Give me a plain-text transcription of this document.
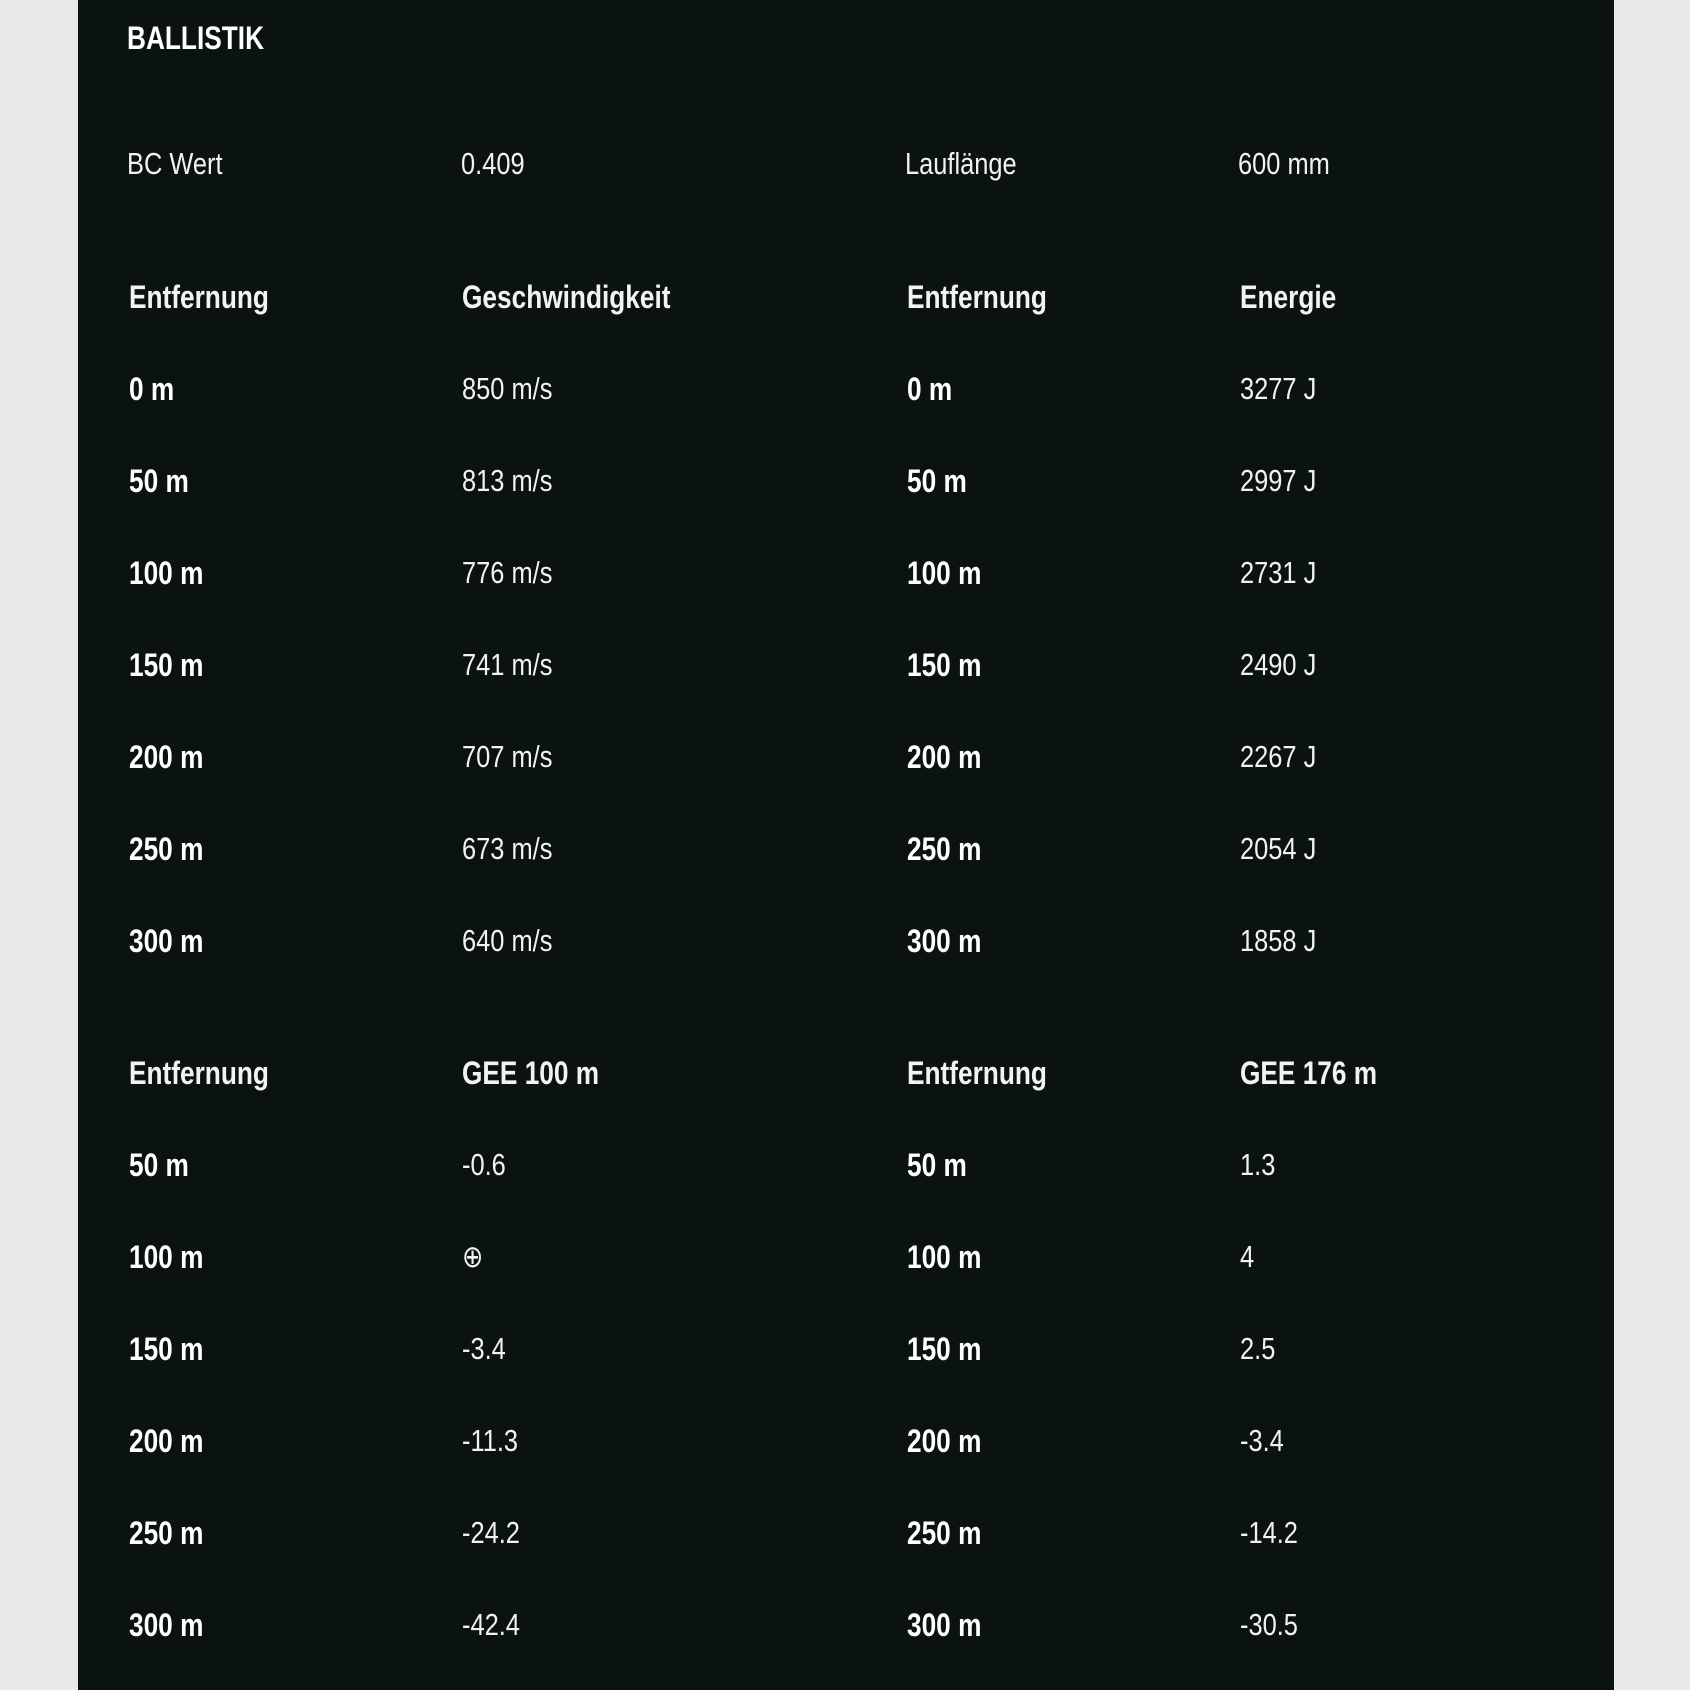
BALLISTIK
BC Wert	0.409	Lauflänge	600 mm
Entfernung	Geschwindigkeit	Entfernung	Energie
0 m	850 m/s	0 m	3277 J
50 m	813 m/s	50 m	2997 J
100 m	776 m/s	100 m	2731 J
150 m	741 m/s	150 m	2490 J
200 m	707 m/s	200 m	2267 J
250 m	673 m/s	250 m	2054 J
300 m	640 m/s	300 m	1858 J
Entfernung	GEE 100 m	Entfernung	GEE 176 m
50 m	-0.6	50 m	1.3
100 m	⊕	100 m	4
150 m	-3.4	150 m	2.5
200 m	-11.3	200 m	-3.4
250 m	-24.2	250 m	-14.2
300 m	-42.4	300 m	-30.5
